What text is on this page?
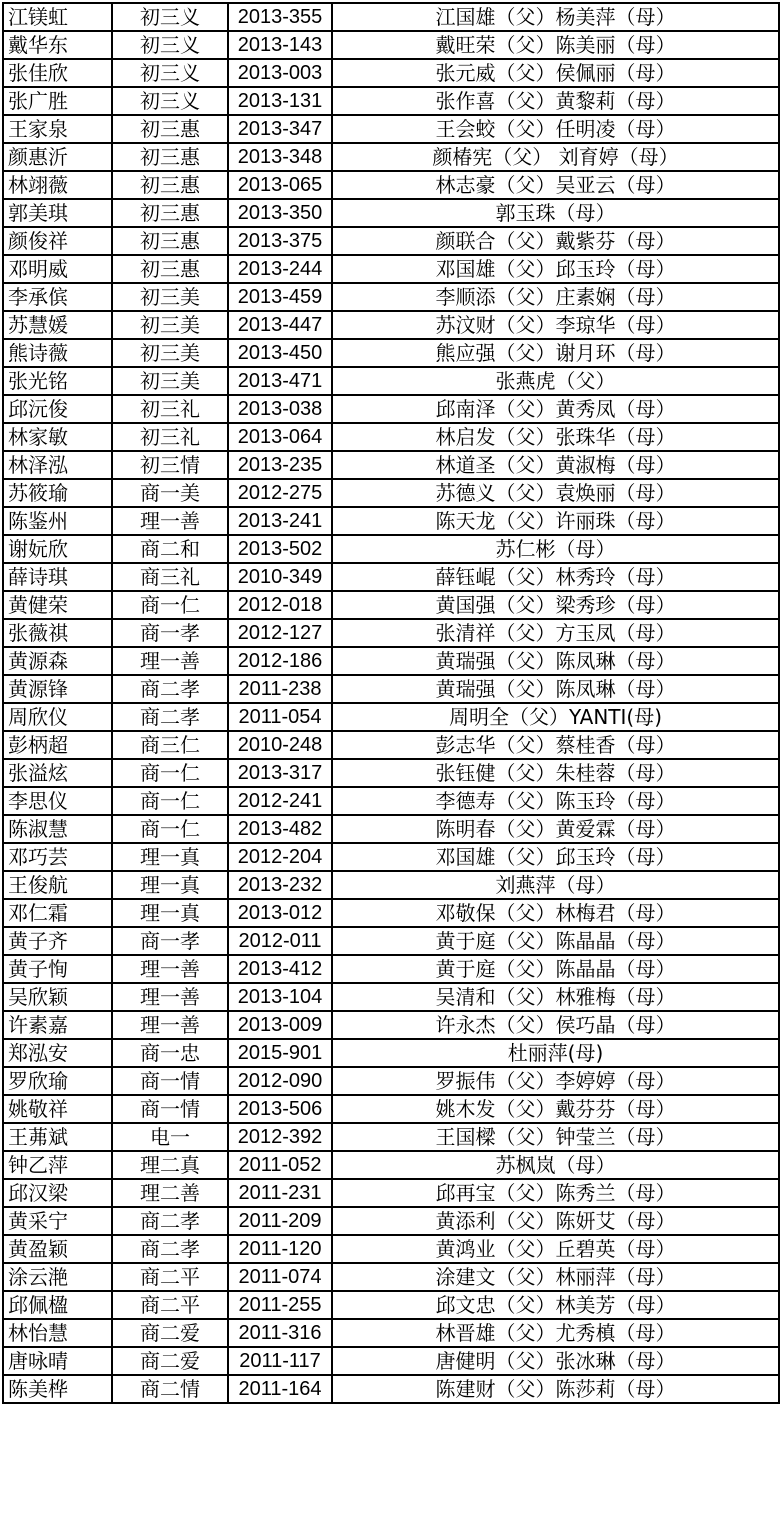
江镁虹	初三义	2013-355	江国雄（父）杨美萍（母）
戴华东	初三义	2013-143	戴旺荣（父）陈美丽（母）
张佳欣	初三义	2013-003	张元威（父）侯佩丽（母）
张广胜	初三义	2013-131	张作喜（父）黄黎莉（母）
王家泉	初三惠	2013-347	王会蛟（父）任明凌（母）
颜惠沂	初三惠	2013-348	颜椿宪（父） 刘育婷（母）
林翊薇	初三惠	2013-065	林志豪（父）吴亚云（母）
郭美琪	初三惠	2013-350	郭玉珠（母）
颜俊祥	初三惠	2013-375	颜联合（父）戴紫芬（母）
邓明威	初三惠	2013-244	邓国雄（父）邱玉玲（母）
李承傧	初三美	2013-459	李顺添（父）庄素娴（母）
苏慧媛	初三美	2013-447	苏汶财（父）李琼华（母）
熊诗薇	初三美	2013-450	熊应强（父）谢月环（母）
张光铭	初三美	2013-471	张燕虎（父）
邱沅俊	初三礼	2013-038	邱南泽（父）黄秀凤（母）
林家敏	初三礼	2013-064	林启发（父）张珠华（母）
林泽泓	初三情	2013-235	林道圣（父）黄淑梅（母）
苏筱瑜	商一美	2012-275	苏德义（父）袁焕丽（母）
陈鉴州	理一善	2013-241	陈天龙（父）许丽珠（母）
谢妧欣	商二和	2013-502	苏仁彬（母）
薛诗琪	商三礼	2010-349	薛钰崐（父）林秀玲（母）
黄健荣	商一仁	2012-018	黄国强（父）梁秀珍（母）
张薇祺	商一孝	2012-127	张清祥（父）方玉凤（母）
黄源森	理一善	2012-186	黄瑞强（父）陈凤琳（母）
黄源锋	商二孝	2011-238	黄瑞强（父）陈凤琳（母）
周欣仪	商二孝	2011-054	周明全（父）YANTI(母)
彭柄超	商三仁	2010-248	彭志华（父）蔡桂香（母）
张溢炫	商一仁	2013-317	张钰健（父）朱桂蓉（母）
李思仪	商一仁	2012-241	李德寿（父）陈玉玲（母）
陈淑慧	商一仁	2013-482	陈明春（父）黄爱霖（母）
邓巧芸	理一真	2012-204	邓国雄（父）邱玉玲（母）
王俊航	理一真	2013-232	刘燕萍（母）
邓仁霜	理一真	2013-012	邓敬保（父）林梅君（母）
黄子齐	商一孝	2012-011	黄于庭（父）陈晶晶（母）
黄子恂	理一善	2013-412	黄于庭（父）陈晶晶（母）
吴欣颖	理一善	2013-104	吴清和（父）林雅梅（母）
许素嘉	理一善	2013-009	许永杰（父）侯巧晶（母）
郑泓安	商一忠	2015-901	杜丽萍(母)
罗欣瑜	商一情	2012-090	罗振伟（父）李婷婷（母）
姚敬祥	商一情	2013-506	姚木发（父）戴芬芬（母）
王茀斌	电一	2012-392	王国樑（父）钟莹兰（母）
钟乙萍	理二真	2011-052	苏枫岚（母）
邱汉梁	理二善	2011-231	邱再宝（父）陈秀兰（母）
黄采宁	商二孝	2011-209	黄添利（父）陈妍艾（母）
黄盈颖	商二孝	2011-120	黄鸿业（父）丘碧英（母）
涂云滟	商二平	2011-074	涂建文（父）林丽萍（母）
邱佩楹	商二平	2011-255	邱文忠（父）林美芳（母）
林怡慧	商二爱	2011-316	林晋雄（父）尤秀槙（母）
唐咏晴	商二爱	2011-117	唐健明（父）张冰琳（母）
陈美桦	商二情	2011-164	陈建财（父）陈莎莉（母）
